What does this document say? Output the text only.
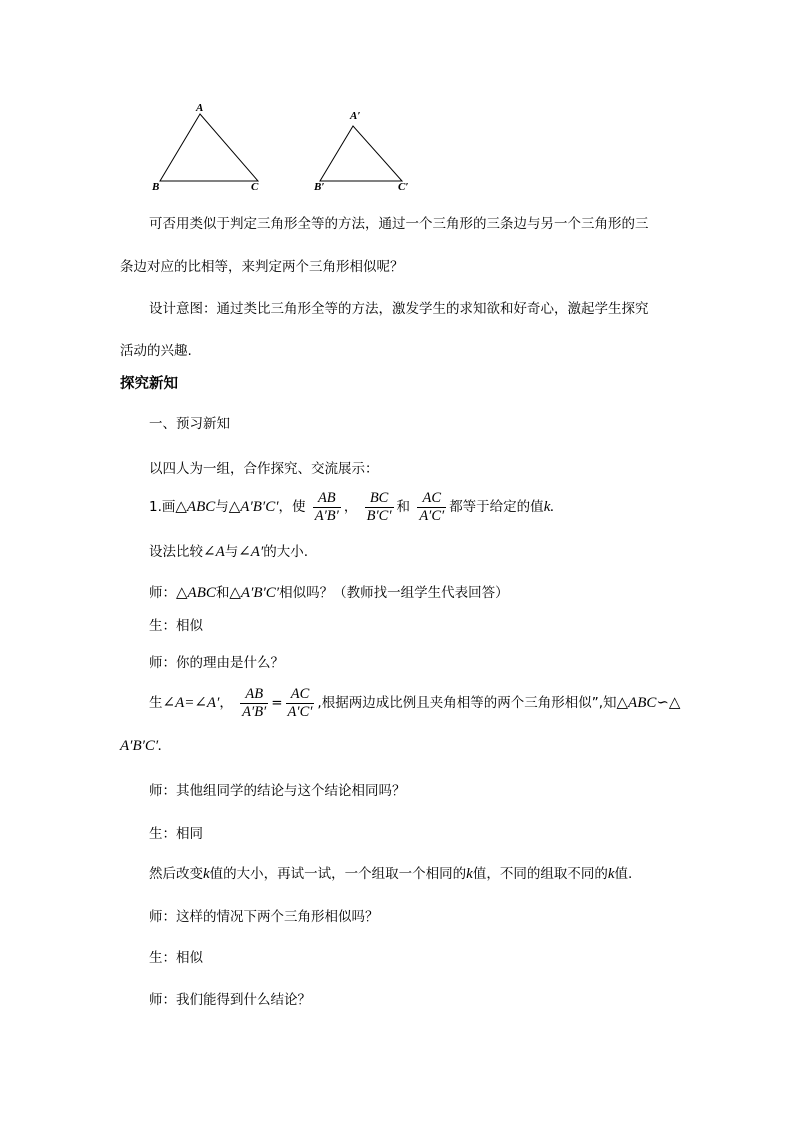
A
B	C
A′
B′	C′
可否用类似于判定三角形全等的方法，通过一个三角形的三条边与另一个三角形的三
条边对应的比相等，来判定两个三角形相似呢？
设计意图：通过类比三角形全等的方法，激发学生的求知欲和好奇心，激起学生探究
活动的兴趣.
探究新知
一、预习新知
以四人为一组，合作探究、交流展示：
1.画△ABC与△A′B′C′，使 $\frac{AB}{A'B'}$ ， $\frac{BC}{B'C'}$ 和 $\frac{AC}{A'C'}$ 都等于给定的值k.
设法比较∠A与∠A′的大小.
师：△ABC和△A′B′C′相似吗？（教师找一组学生代表回答）
生：相似
师：你的理由是什么？
生∠A=∠A′， $\frac{AB}{A'B'} = \frac{AC}{A'C'}$ ,根据两边成比例且夹角相等的两个三角形相似”,知△ABC∽△
A′B′C′.
师：其他组同学的结论与这个结论相同吗？
生：相同
然后改变k值的大小，再试一试，一个组取一个相同的k值，不同的组取不同的k值.
师：这样的情况下两个三角形相似吗？
生：相似
师：我们能得到什么结论？
